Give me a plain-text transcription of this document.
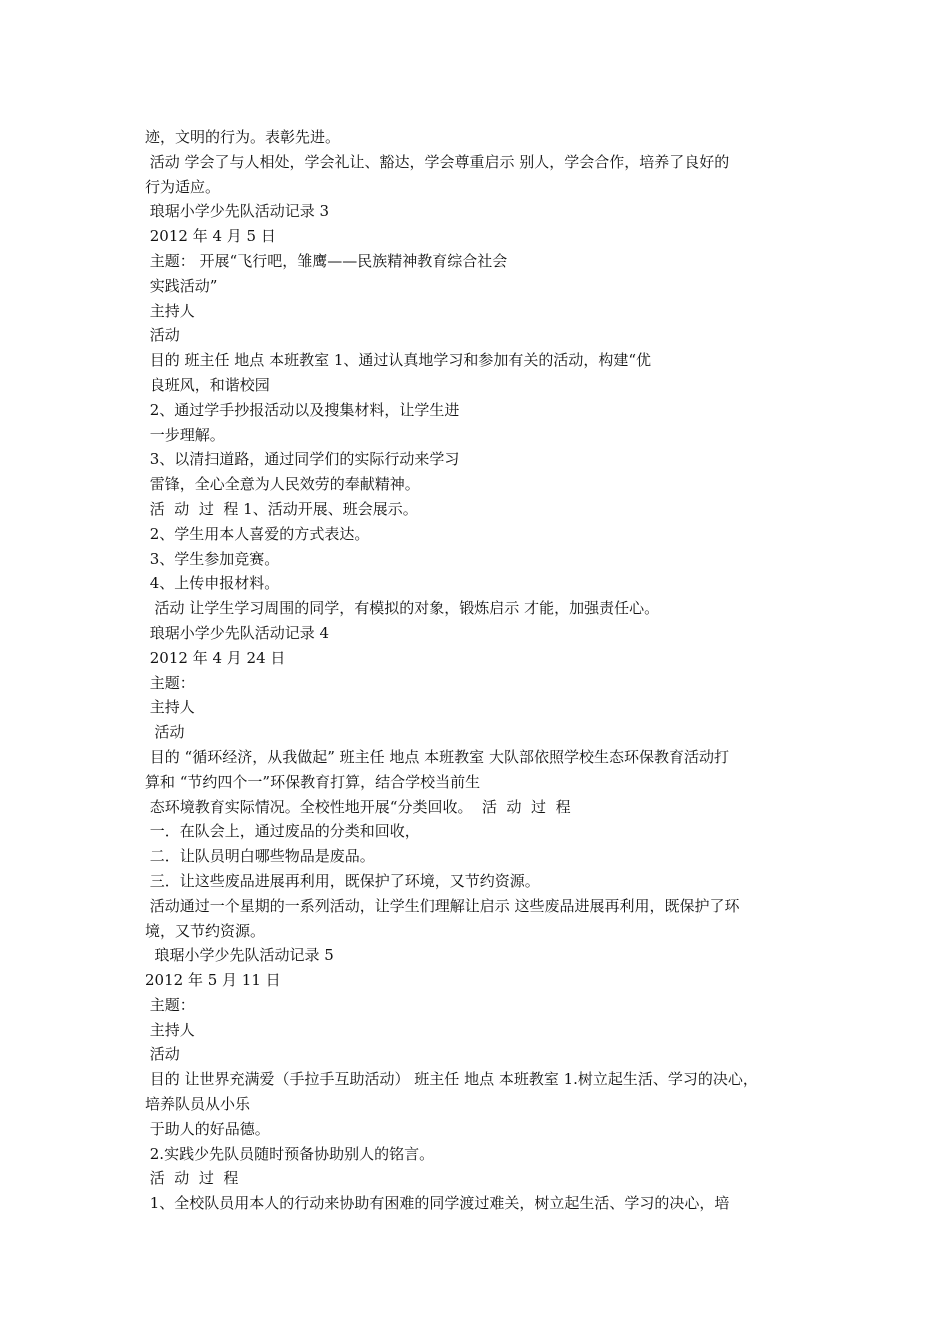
迹，文明的行为。表彰先进。
活动 学会了与人相处，学会礼让、豁达，学会尊重启示 别人，学会合作，培养了良好的
行为适应。
琅琚小学少先队活动记录 3
2012 年 4 月 5 日
主题： 开展“飞行吧，雏鹰——民族精神教育综合社会
实践活动”
主持人
活动
目的 班主任 地点 本班教室 1、通过认真地学习和参加有关的活动，构建“优
良班风，和谐校园
2、通过学手抄报活动以及搜集材料，让学生进
一步理解。
3、以清扫道路，通过同学们的实际行动来学习
雷锋，全心全意为人民效劳的奉献精神。
活  动  过  程 1、活动开展、班会展示。
2、学生用本人喜爱的方式表达。
3、学生参加竞赛。
4、上传申报材料。
活动 让学生学习周围的同学，有模拟的对象，锻炼启示 才能，加强责任心。
琅琚小学少先队活动记录 4
2012 年 4 月 24 日
主题：
主持人
活动
目的 “循环经济，从我做起” 班主任 地点 本班教室 大队部依照学校生态环保教育活动打
算和 “节约四个一”环保教育打算，结合学校当前生
态环境教育实际情况。全校性地开展“分类回收。  活  动  过  程
一．在队会上，通过废品的分类和回收，
二．让队员明白哪些物品是废品。
三．让这些废品进展再利用，既保护了环境，又节约资源。
活动通过一个星期的一系列活动，让学生们理解让启示 这些废品进展再利用，既保护了环
境，又节约资源。
琅琚小学少先队活动记录 5
2012 年 5 月 11 日
主题：
主持人
活动
目的 让世界充满爱（手拉手互助活动） 班主任 地点 本班教室 1.树立起生活、学习的决心，
培养队员从小乐
于助人的好品德。
2.实践少先队员随时预备协助别人的铭言。
活  动  过  程
1、全校队员用本人的行动来协助有困难的同学渡过难关，树立起生活、学习的决心，培
